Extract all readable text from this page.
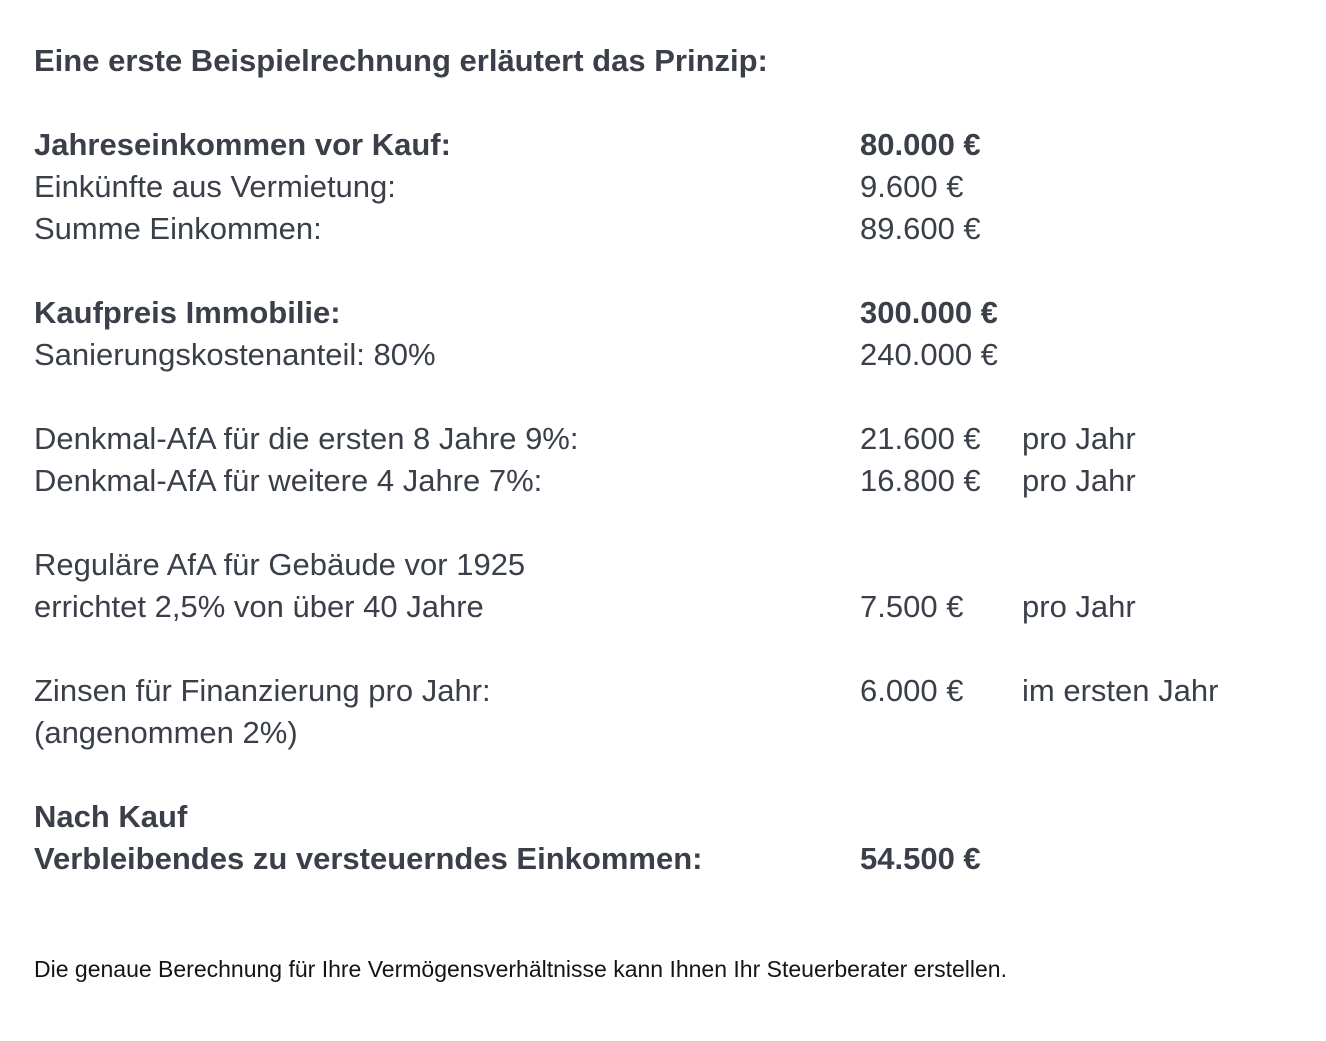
Eine erste Beispielrechnung erläutert das Prinzip:
Jahreseinkommen vor Kauf:	80.000 €
Einkünfte aus Vermietung:	9.600 €
Summe Einkommen:	89.600 €
Kaufpreis Immobilie:	300.000 €
Sanierungskostenanteil: 80%	240.000 €
Denkmal-AfA für die ersten 8 Jahre 9%:	21.600 €	pro Jahr
Denkmal-AfA für weitere 4 Jahre 7%:	16.800 €	pro Jahr
Reguläre AfA für Gebäude vor 1925
errichtet 2,5% von über 40 Jahre	7.500 €	pro Jahr
Zinsen für Finanzierung pro Jahr:	6.000 €	im ersten Jahr
(angenommen 2%)
Nach Kauf
Verbleibendes zu versteuerndes Einkommen:	54.500 €

Die genaue Berechnung für Ihre Vermögensverhältnisse kann Ihnen Ihr Steuerberater erstellen.
